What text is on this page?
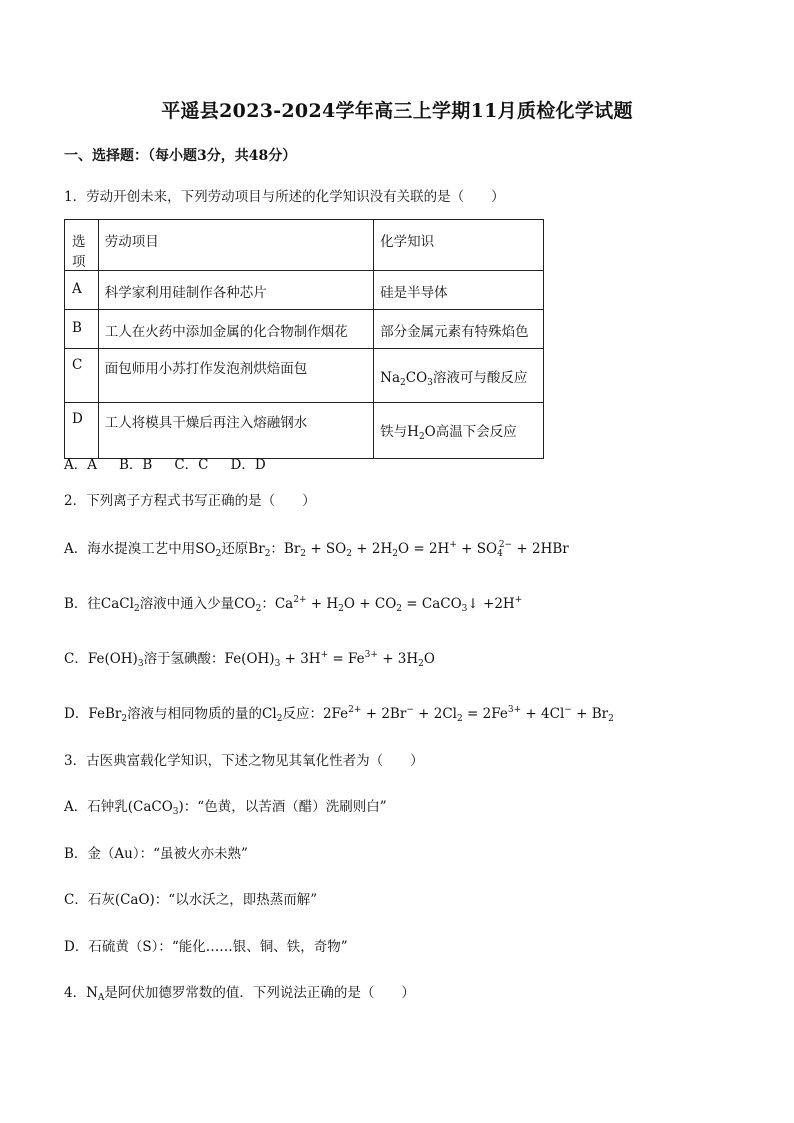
平遥县2023-2024学年高三上学期11月质检化学试题
一、选择题：（每小题3分，共48分）
1．劳动开创未来，下列劳动项目与所述的化学知识没有关联的是（　　）
选项	劳动项目	化学知识
A	科学家利用硅制作各种芯片	硅是半导体
B	工人在火药中添加金属的化合物制作烟花	部分金属元素有特殊焰色
C	面包师用小苏打作发泡剂烘焙面包	$Na_2CO_3$溶液可与酸反应
D	工人将模具干燥后再注入熔融钢水	铁与$H_2O$高温下会反应
A．A B．B C．C D．D
2．下列离子方程式书写正确的是（　　）
A．海水提溴工艺中用$SO_2$还原$Br_2$：$Br_2 + SO_2 + 2H_2O = 2H^+ + SO_4^{2-} + 2HBr$
B．往CaCl$_2$溶液中通入少量$CO_2$：$Ca^{2+} + H_2O + CO_2$ = CaCO$_3$↓ +2H+
C．$Fe(OH)_3$溶于氢碘酸：$Fe(OH)_3 + 3H^+ = Fe^{3+} + 3H_2O$
D．FeBr$_2$溶液与相同物质的量的$Cl_2$反应：$2Fe^{2+} + 2Br^- + 2Cl_2 = 2Fe^{3+} + 4Cl^- + Br_2$
3．古医典富载化学知识，下述之物见其氧化性者为（　　）
A．石钟乳(CaCO$_3$)：“色黄，以苦酒（醋）洗刷则白”
B．金（Au）：“虽被火亦未熟”
C．石灰(CaO)：“以水沃之，即热蒸而解”
D．石硫黄（S）：“能化……银、铜、铁，奇物”
4．$N_A$是阿伏加德罗常数的值．下列说法正确的是（　　）
